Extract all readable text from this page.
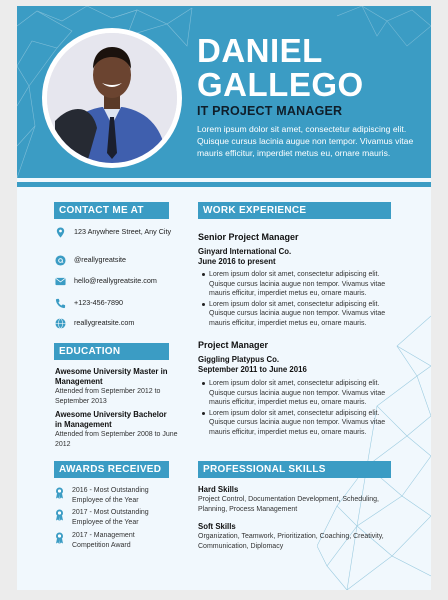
DANIEL
GALLEGO
IT PROJECT MANAGER
Lorem ipsum dolor sit amet, consectetur adipiscing elit. Quisque cursus lacinia augue non tempor. Vivamus vitae mauris efficitur, imperdiet metus eu, ornare mauris.
CONTACT ME AT
123 Anywhere Street, Any City
@reallygreatsite
hello@reallygreatsite.com
+123-456-7890
reallygreatsite.com
EDUCATION
Awesome University Master in Management
Attended from September 2012 to September 2013
Awesome University Bachelor in Management
Attended from September 2008 to June 2012
AWARDS RECEIVED
2016 - Most Outstanding Employee of the Year
2017 - Most Outstanding Employee of the Year
2017 - Management Competition Award
WORK EXPERIENCE
Senior Project Manager
Ginyard International Co.
June 2016 to present
Lorem ipsum dolor sit amet, consectetur adipiscing elit. Quisque cursus lacinia augue non tempor. Vivamus vitae mauris efficitur, imperdiet metus eu, ornare mauris.
Lorem ipsum dolor sit amet, consectetur adipiscing elit. Quisque cursus lacinia augue non tempor. Vivamus vitae mauris efficitur, imperdiet metus eu, ornare mauris.
Project Manager
Giggling Platypus Co.
September 2011 to June 2016
Lorem ipsum dolor sit amet, consectetur adipiscing elit. Quisque cursus lacinia augue non tempor. Vivamus vitae mauris efficitur, imperdiet metus eu, ornare mauris.
Lorem ipsum dolor sit amet, consectetur adipiscing elit. Quisque cursus lacinia augue non tempor. Vivamus vitae mauris efficitur, imperdiet metus eu, ornare mauris.
PROFESSIONAL SKILLS
Hard Skills
Project Control, Documentation Development, Scheduling, Planning, Process Management
Soft Skills
Organization, Teamwork, Prioritization, Coaching, Creativity, Communication, Diplomacy
